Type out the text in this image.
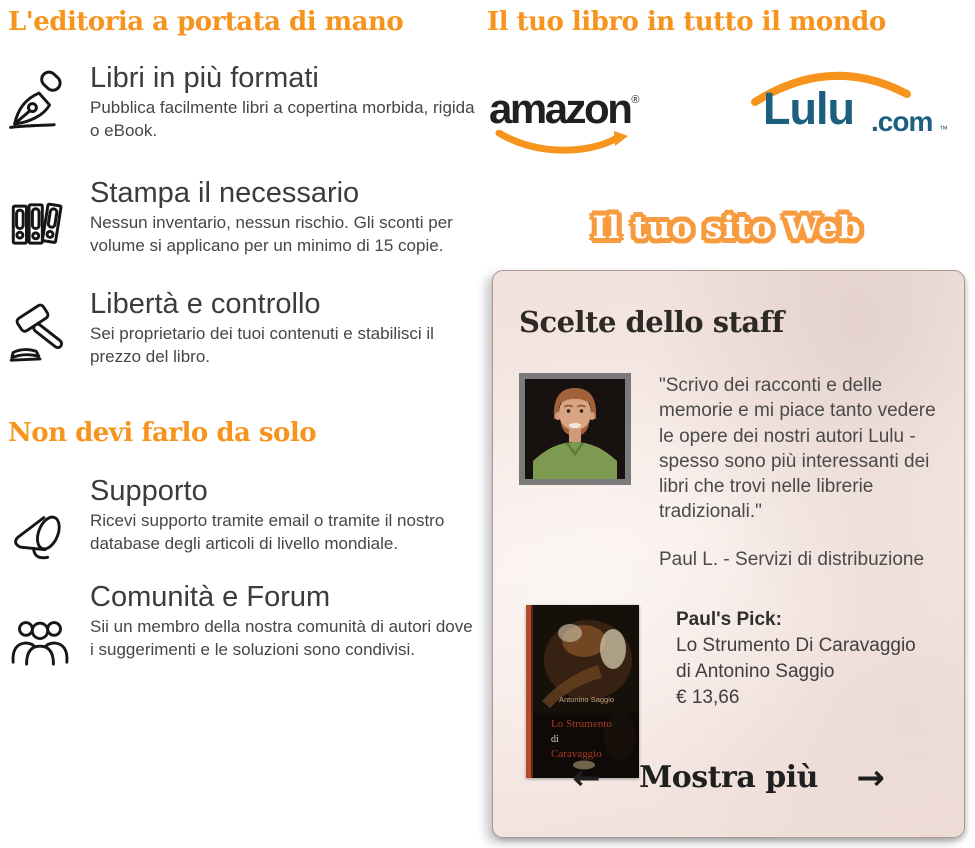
L'editoria a portata di mano

Libri in più formati

Pubblica facilmente libri a copertina morbida, rigida o eBook.

Stampa il necessario

Nessun inventario, nessun rischio. Gli sconti per volume si applicano per un minimo di 15 copie.

Libertà e controllo

Sei proprietario dei tuoi contenuti e stabilisci il prezzo del libro.
Non devi farlo da solo

Supporto

Ricevi supporto tramite email o tramite il nostro database degli articoli di livello mondiale.

Comunità e Forum

Sii un membro della nostra comunità di autori dove i suggerimenti e le soluzioni sono condivisi.
Il tuo libro in tutto il mondo
amazon®	Lulu .com ™
Il tuo sito Web
Scelte dello staff
"Scrivo dei racconti e delle memorie e mi piace tanto vedere le opere dei nostri autori Lulu - spesso sono più interessanti dei libri che trovi nelle librerie tradizionali."
Paul L. - Servizi di distribuzione
Antonino Saggio
Lo Strumento
di
Caravaggio
Paul's Pick:
Lo Strumento Di Caravaggio
di Antonino Saggio
€ 13,66
← Mostra più →
